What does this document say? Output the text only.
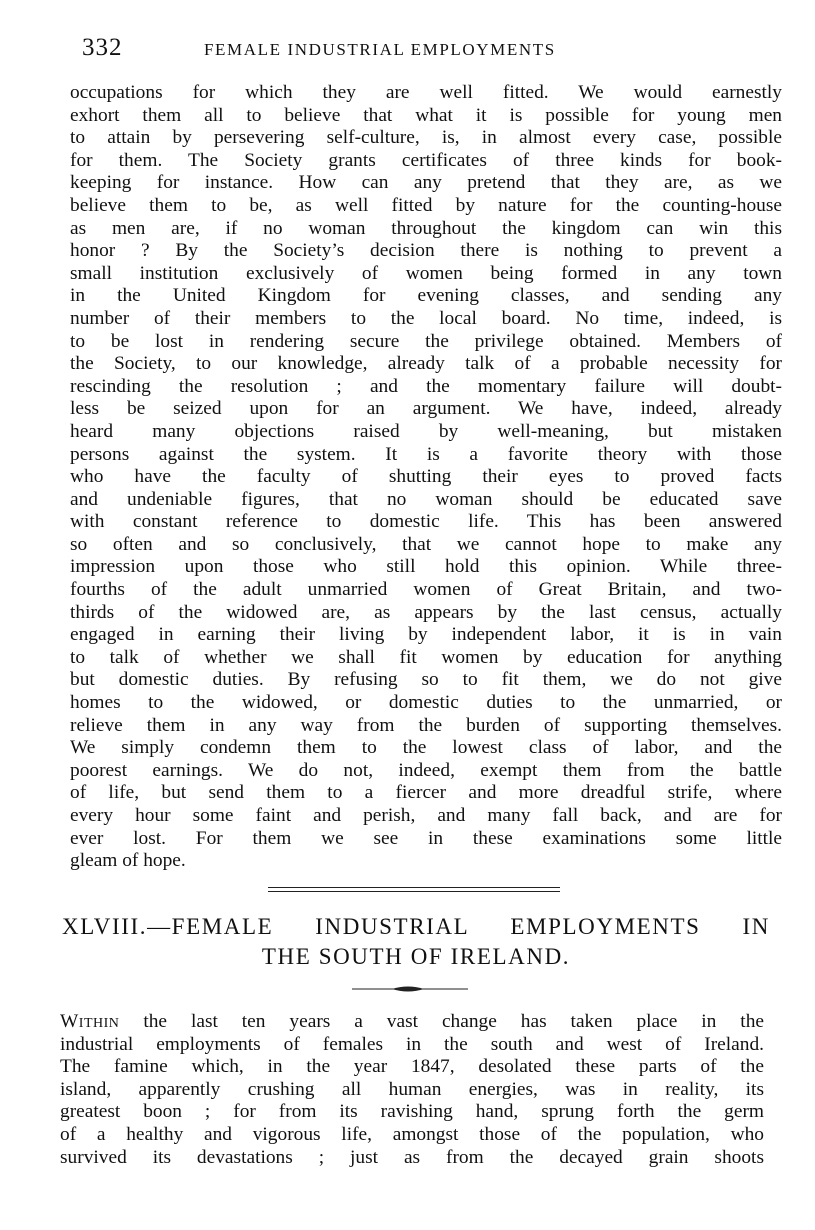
332	FEMALE INDUSTRIAL EMPLOYMENTS
occupations for which they are well fitted. We would earnestly
exhort them all to believe that what it is possible for young men
to attain by persevering self-culture, is, in almost every case, possible
for them. The Society grants certificates of three kinds for book-
keeping for instance. How can any pretend that they are, as we
believe them to be, as well fitted by nature for the counting-house
as men are, if no woman throughout the kingdom can win this
honor ? By the Society’s decision there is nothing to prevent a
small institution exclusively of women being formed in any town
in the United Kingdom for evening classes, and sending any
number of their members to the local board. No time, indeed, is
to be lost in rendering secure the privilege obtained. Members of
the Society, to our knowledge, already talk of a probable necessity for
rescinding the resolution ; and the momentary failure will doubt-
less be seized upon for an argument. We have, indeed, already
heard many objections raised by well-meaning, but mistaken
persons against the system. It is a favorite theory with those
who have the faculty of shutting their eyes to proved facts
and undeniable figures, that no woman should be educated save
with constant reference to domestic life. This has been answered
so often and so conclusively, that we cannot hope to make any
impression upon those who still hold this opinion. While three-
fourths of the adult unmarried women of Great Britain, and two-
thirds of the widowed are, as appears by the last census, actually
engaged in earning their living by independent labor, it is in vain
to talk of whether we shall fit women by education for anything
but domestic duties. By refusing so to fit them, we do not give
homes to the widowed, or domestic duties to the unmarried, or
relieve them in any way from the burden of supporting themselves.
We simply condemn them to the lowest class of labor, and the
poorest earnings. We do not, indeed, exempt them from the battle
of life, but send them to a fiercer and more dreadful strife, where
every hour some faint and perish, and many fall back, and are for
ever lost. For them we see in these examinations some little
gleam of hope.
XLVIII.—FEMALE INDUSTRIAL EMPLOYMENTS IN
THE SOUTH OF IRELAND.
Within the last ten years a vast change has taken place in the
industrial employments of females in the south and west of Ireland.
The famine which, in the year 1847, desolated these parts of the
island, apparently crushing all human energies, was in reality, its
greatest boon ; for from its ravishing hand, sprung forth the germ
of a healthy and vigorous life, amongst those of the population, who
survived its devastations ; just as from the decayed grain shoots
